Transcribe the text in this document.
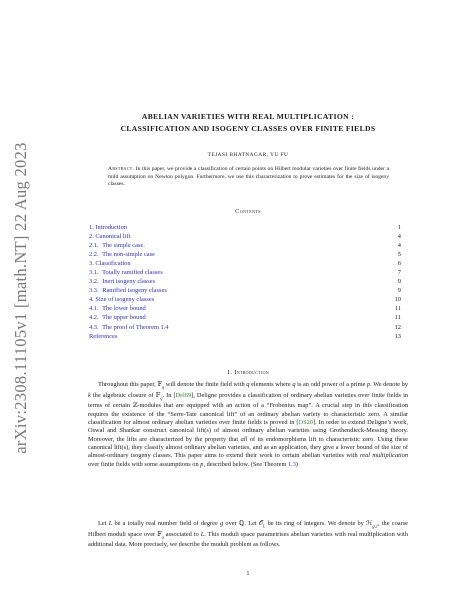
arXiv:2308.11105v1 [math.NT] 22 Aug 2023
ABELIAN VARIETIES WITH REAL MULTIPLICATION :
CLASSIFICATION AND ISOGENY CLASSES OVER FINITE FIELDS
TEJASI BHATNAGAR, YU FU
Abstract. In this paper, we provide a classification of certain points on Hilbert modular varieties over finite fields under a mild assumption on Newton polygon. Furthermore, we use this characterization to prove estimates for the size of isogeny classes.
Contents
1. Introduction	1
2. Canonical lift	4
2.1. The simple case.	4
2.2. The non-simple case	5
3. Classification	6
3.1. Totally ramified classes	7
3.2. Inert isogeny classes	9
3.3. Ramified isogeny classes	9
4. Size of isogeny classes	10
4.1. The lower bound	11
4.2. The upper bound	11
4.3. The proof of Theorem 1.4	12
References	13
1. Introduction

Throughout this paper, 𝔽$_q$ will denote the finite field with q elements where q is an odd power of a prime p. We denote by k the algebraic closure of 𝔽$_q$. In [Del69], Deligne provides a classification of ordinary abelian varieties over finite fields in terms of certain ℤ-modules that are equipped with an action of a “Frobenius map”. A crucial step in this classification requires the existence of the “Serre-Tate canonical lift” of an ordinary abelian variety to characteristic zero. A similar classification for almost ordinary abelian varieties over finite fields is proved in [OS20]. In order to extend Deligne’s work, Oswal and Shankar construct canonical lift(s) of almost ordinary abelian varieties using Grothendieck-Messing theory. Moreover, the lifts are characterized by the property that all of its endomorphisms lift to characteristic zero. Using these canonical lift(s), they classify almost ordinary abelian varieties, and as an application, they give a lower bound of the size of almost-ordinary isogeny classes. This paper aims to extend their work to certain abelian varieties with real multiplication over finite fields with some assumptions on p, described below. (See Theorem 1.3)

Let L be a totally real number field of degree g over ℚ. Let 𝒪$_L$ be its ring of integers. We denote by ℋ$_{g,1}$, the coarse Hilbert moduli space over 𝔽$_q$ associated to L. This moduli space parametrises abelian varieties with real multiplication with additional data. More precisely, we describe the moduli problem as follows.

1
